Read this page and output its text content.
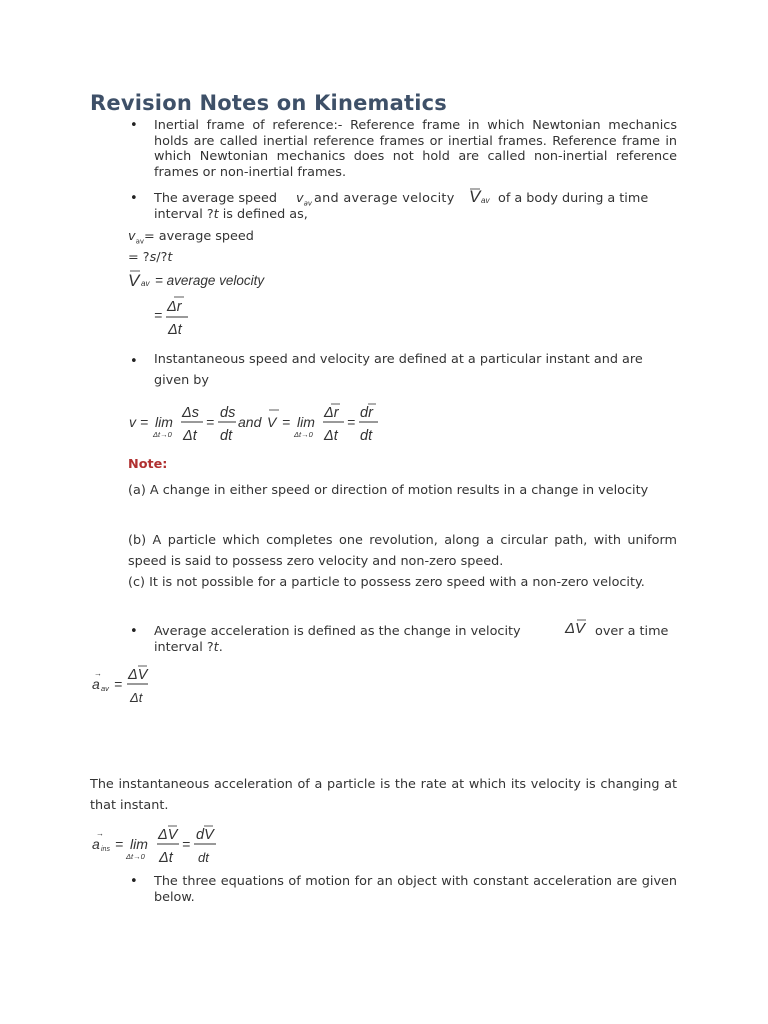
Revision Notes on Kinematics
• Inertial frame of reference:- Reference frame in which Newtonian mechanics holds are called inertial reference frames or inertial frames. Reference frame in which Newtonian mechanics does not hold are called non-inertial reference frames or non-inertial frames.
• The average speed $v_{av}$ and average velocity V av of a body during a time
interval ?t is defined as,
$v_{av}=$ average speed
= ?s/?t
V av = average velocity
= Δr
Δt
• Instantaneous speed and velocity are defined at a particular instant and are given by
v = lim
Δt→0
Δs
Δt
=
ds
dt
and V = lim
Δt→0
Δr
Δt
=
dr
dt
Note:
(a) A change in either speed or direction of motion results in a change in velocity
(b) A particle which completes one revolution, along a circular path, with uniform speed is said to possess zero velocity and non-zero speed.
(c) It is not possible for a particle to possess zero speed with a non-zero velocity.
• Average acceleration is defined as the change in velocity	Δ V over a time
interval ?t.
→
a av =
ΔV
Δt
The instantaneous acceleration of a particle is the rate at which its velocity is changing at that instant.
→
a ins = lim
Δt→0
ΔV
Δt
=
dV
dt
• The three equations of motion for an object with constant acceleration are given below.
